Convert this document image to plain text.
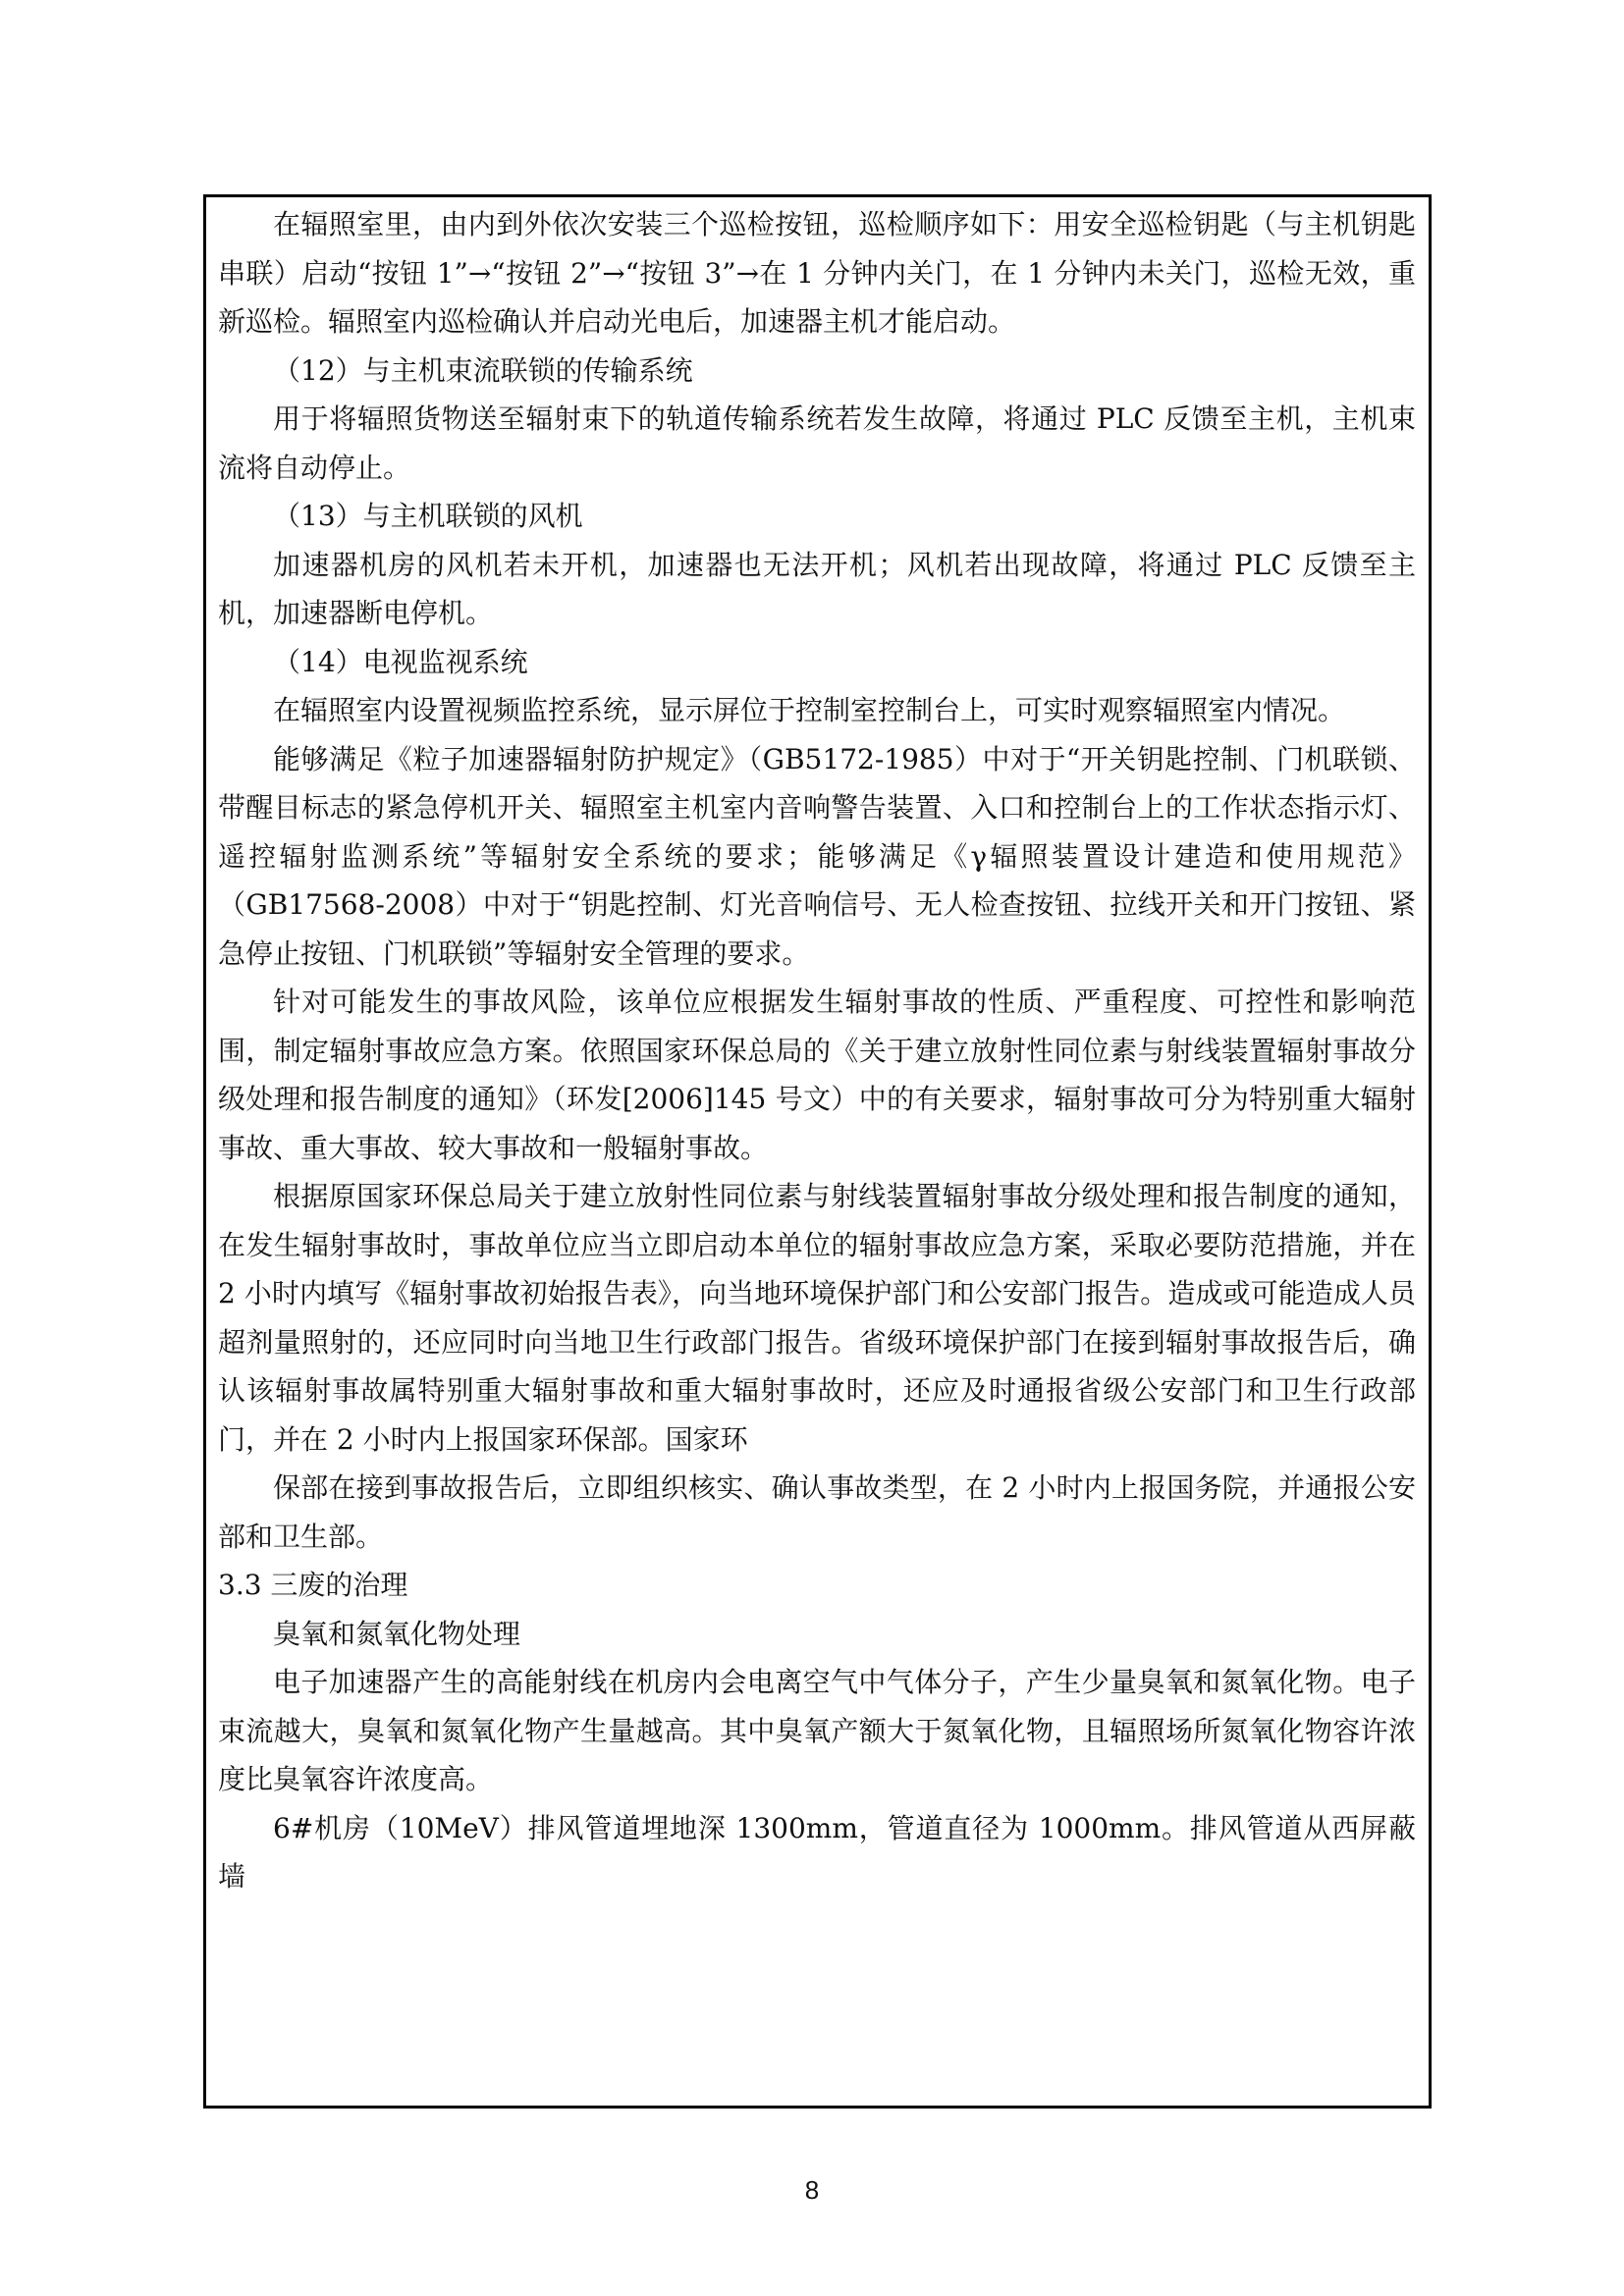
在辐照室里，由内到外依次安装三个巡检按钮，巡检顺序如下：用安全巡检钥匙（与主机钥匙串联）启动“按钮 1”→“按钮 2”→“按钮 3”→在 1 分钟内关门，在 1 分钟内未关门，巡检无效，重新巡检。辐照室内巡检确认并启动光电后，加速器主机才能启动。

（12）与主机束流联锁的传输系统

用于将辐照货物送至辐射束下的轨道传输系统若发生故障，将通过 PLC 反馈至主机，主机束流将自动停止。

（13）与主机联锁的风机

加速器机房的风机若未开机，加速器也无法开机；风机若出现故障，将通过 PLC 反馈至主机，加速器断电停机。

（14）电视监视系统

在辐照室内设置视频监控系统，显示屏位于控制室控制台上，可实时观察辐照室内情况。

能够满足《粒子加速器辐射防护规定》（GB5172-1985）中对于“开关钥匙控制、门机联锁、带醒目标志的紧急停机开关、辐照室主机室内音响警告装置、入口和控制台上的工作状态指示灯、遥控辐射监测系统”等辐射安全系统的要求；能够满足《γ辐照装置设计建造和使用规范》（GB17568-2008）中对于“钥匙控制、灯光音响信号、无人检查按钮、拉线开关和开门按钮、紧急停止按钮、门机联锁”等辐射安全管理的要求。

针对可能发生的事故风险，该单位应根据发生辐射事故的性质、严重程度、可控性和影响范围，制定辐射事故应急方案。依照国家环保总局的《关于建立放射性同位素与射线装置辐射事故分级处理和报告制度的通知》（环发[2006]145 号文）中的有关要求，辐射事故可分为特别重大辐射事故、重大事故、较大事故和一般辐射事故。

根据原国家环保总局关于建立放射性同位素与射线装置辐射事故分级处理和报告制度的通知，在发生辐射事故时，事故单位应当立即启动本单位的辐射事故应急方案，采取必要防范措施，并在 2 小时内填写《辐射事故初始报告表》，向当地环境保护部门和公安部门报告。造成或可能造成人员超剂量照射的，还应同时向当地卫生行政部门报告。省级环境保护部门在接到辐射事故报告后，确认该辐射事故属特别重大辐射事故和重大辐射事故时，还应及时通报省级公安部门和卫生行政部门，并在 2 小时内上报国家环保部。国家环

保部在接到事故报告后，立即组织核实、确认事故类型，在 2 小时内上报国务院，并通报公安部和卫生部。

3.3 三废的治理

臭氧和氮氧化物处理

电子加速器产生的高能射线在机房内会电离空气中气体分子，产生少量臭氧和氮氧化物。电子束流越大，臭氧和氮氧化物产生量越高。其中臭氧产额大于氮氧化物，且辐照场所氮氧化物容许浓度比臭氧容许浓度高。

6#机房（10MeV）排风管道埋地深 1300mm，管道直径为 1000mm。排风管道从西屏蔽墙

8
